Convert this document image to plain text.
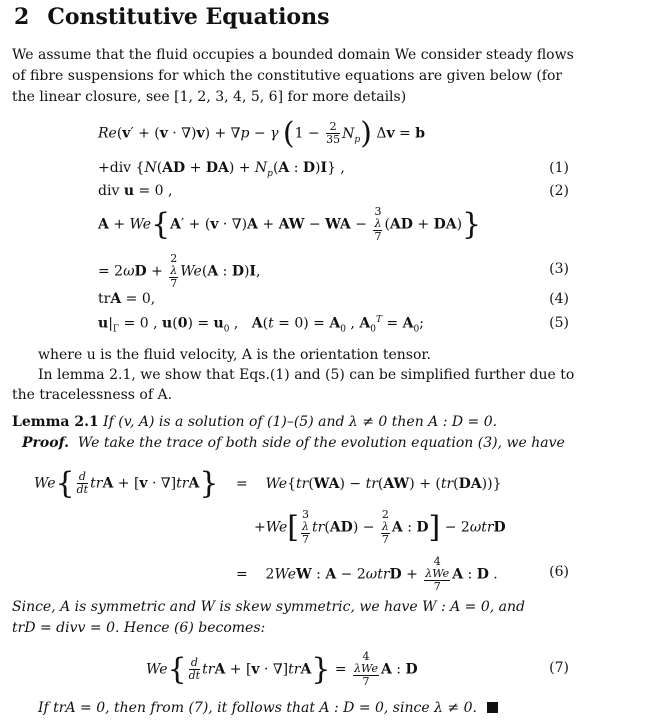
2 Constitutive Equations
We assume that the fluid occupies a bounded domain We consider steady flows
of fibre suspensions for which the constitutive equations are given below (for
the linear closure, see [1, 2, 3, 4, 5, 6] for more details)
Re(v′ + (v · ∇)v) + ∇p − γ $(1 - \frac{2}{35} N_p)$ Δv = b
+div {$N(AD + DA) + N_p(A$ : D)I} ,	(1)
div u = 0 ,	(2)
A + We{A′ + (v · ∇)A + AW − WA − 3
λ
7 (AD + DA)}
= 2ωD + 2
λ
7 We(A : D)I,	(3)
trA = 0,	(4)
$u|_\Gamma = 0$ , $u(0) = u_0$ ,   $A(t = 0) = A_0$ , $A_0^T = A_0$;	(5)
where u is the fluid velocity, A is the orientation tensor.
In lemma 2.1, we show that Eqs.(1) and (5) can be simplified further due to
the tracelessness of A.
Lemma 2.1 If (v, A) is a solution of (1)–(5) and λ ≠ 0 then A : D = 0.
Proof. We take the trace of both side of the evolution equation (3), we have
$We\{ \frac{d}{dt}$ trA + [v · ∇]trA} =    We{tr(WA) − tr(AW) + (tr(DA))}
+We[ 3
λ
7 tr(AD) − 2
λ
7 A : D] − 2ωtrD
=    2WeW : A − 2ωtrD + 4
λWe
7 A : D .	(6)
Since, A is symmetric and W is skew symmetric, we have W : A = 0, and
trD = divv = 0. Hence (6) becomes:
$We\{ \frac{d}{dt}$ trA + [v · ∇]trA} = 4
λWe
7 A : D	(7)
If trA = 0, then from (7), it follows that A : D = 0, since λ ≠ 0.
